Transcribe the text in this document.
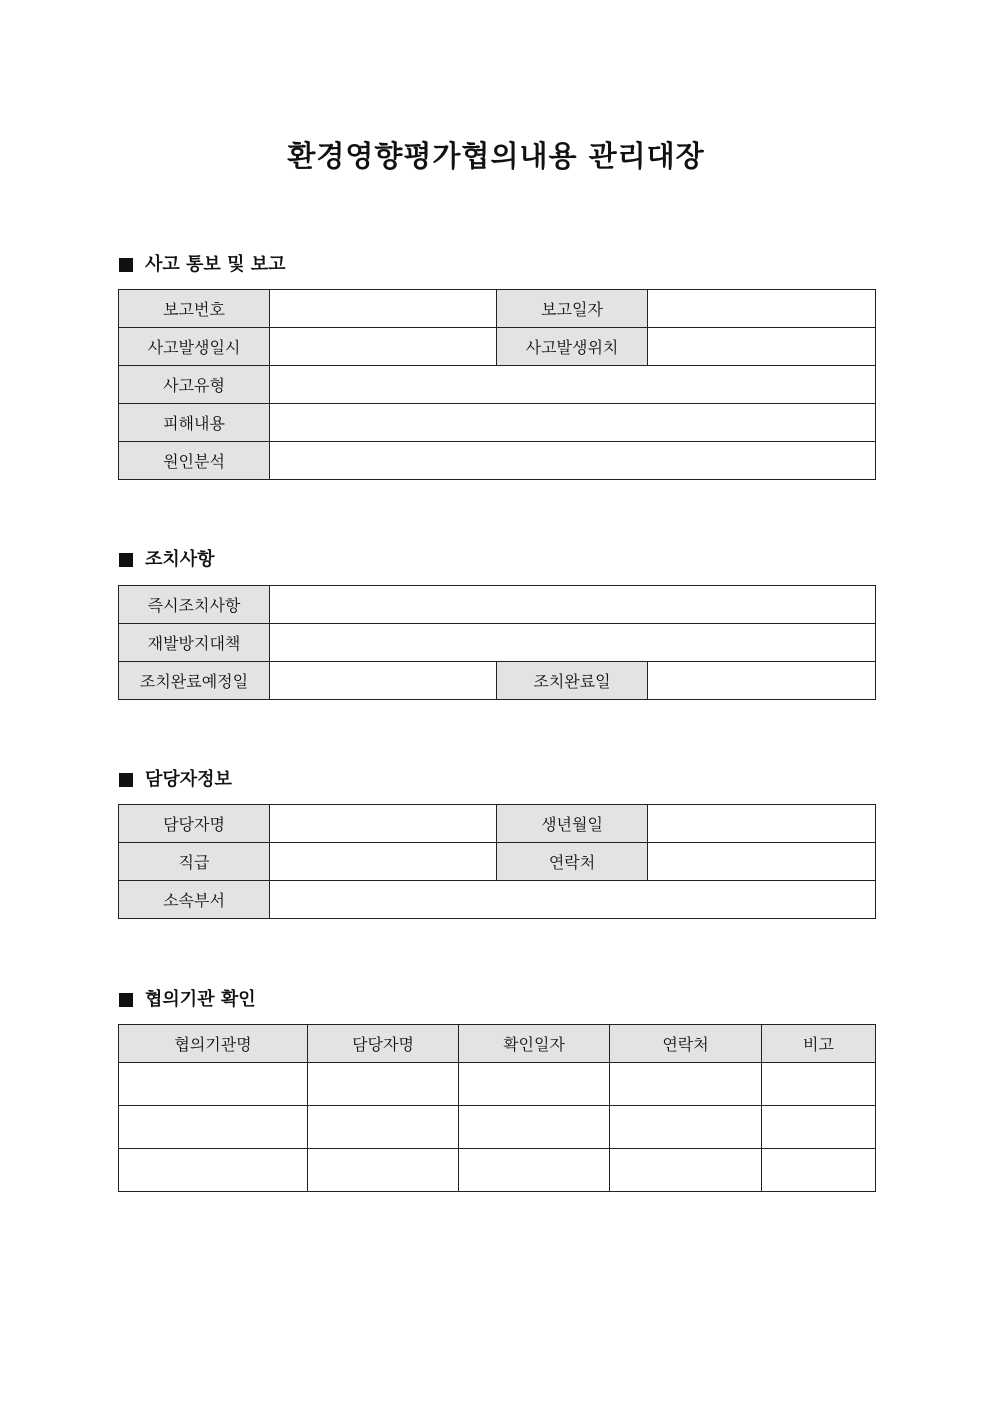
환경영향평가협의내용 관리대장
사고 통보 및 보고
보고번호		보고일자	
사고발생일시		사고발생위치	
사고유형			
피해내용			
원인분석			
조치사항
즉시조치사항			
재발방지대책			
조치완료예정일		조치완료일	
담당자정보
담당자명		생년월일	
직급		연락처	
소속부서			
협의기관 확인
협의기관명	담당자명	확인일자	연락처	비고
